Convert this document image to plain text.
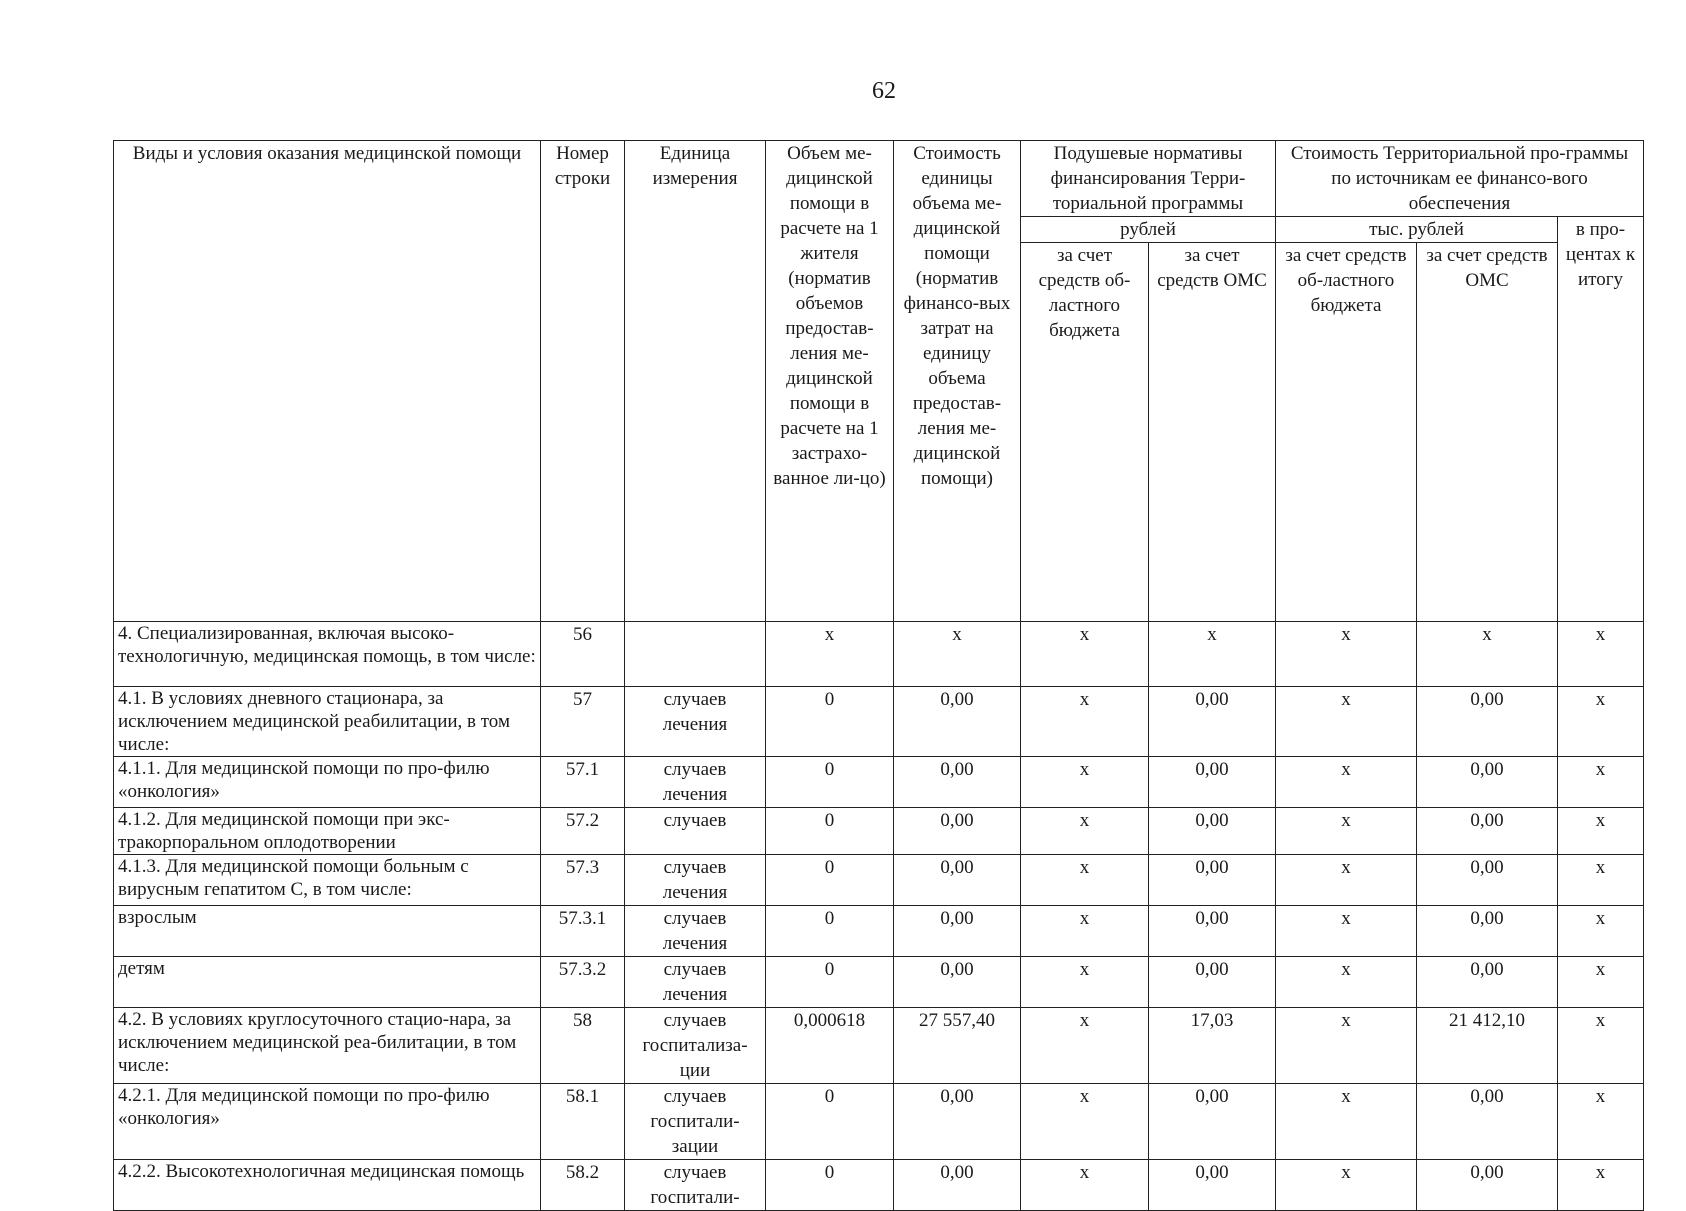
62
Виды и условия оказания медицинской помощи	Номер строки	Единица измерения	Объем ме-дицинской помощи в расчете на 1 жителя (норматив объемов предостав-ления ме-дицинской помощи в расчете на 1 застрахо-ванное ли-цо)	Стоимость единицы объема ме-дицинской помощи (норматив финансо-вых затрат на единицу объема предостав-ления ме-дицинской помощи)	Подушевые нормативы финансирования Терри-ториальной программы		Стоимость Территориальной про-граммы по источникам ее финансо-вого обеспечения		
					рублей		тыс. рублей		в про-центах к итогу
					за счет средств об-ластного бюджета	за счет средств ОМС	за счет средств об-ластного бюджета	за счет средств ОМС	
4. Специализированная, включая высоко-технологичную, медицинская помощь, в том числе:	56		x	x	x	x	x	x	x
4.1. В условиях дневного стационара, за исключением медицинской реабилитации, в том числе:	57	случаев лечения	0	0,00	x	0,00	x	0,00	x
4.1.1. Для медицинской помощи по про-филю «онкология»	57.1	случаев лечения	0	0,00	x	0,00	x	0,00	x
4.1.2. Для медицинской помощи при экс-тракорпоральном оплодотворении	57.2	случаев	0	0,00	x	0,00	x	0,00	x
4.1.3. Для медицинской помощи больным с вирусным гепатитом С, в том числе:	57.3	случаев лечения	0	0,00	x	0,00	x	0,00	x
взрослым	57.3.1	случаев лечения	0	0,00	x	0,00	x	0,00	x
детям	57.3.2	случаев лечения	0	0,00	x	0,00	x	0,00	x
4.2. В условиях круглосуточного стацио-нара, за исключением медицинской реа-билитации, в том числе:	58	случаев госпитализа-ции	0,000618	27 557,40	x	17,03	x	21 412,10	x
4.2.1. Для медицинской помощи по про-филю «онкология»	58.1	случаев госпитали-зации	0	0,00	x	0,00	x	0,00	x
4.2.2. Высокотехнологичная медицинская помощь	58.2	случаев госпитали-	0	0,00	x	0,00	x	0,00	x
